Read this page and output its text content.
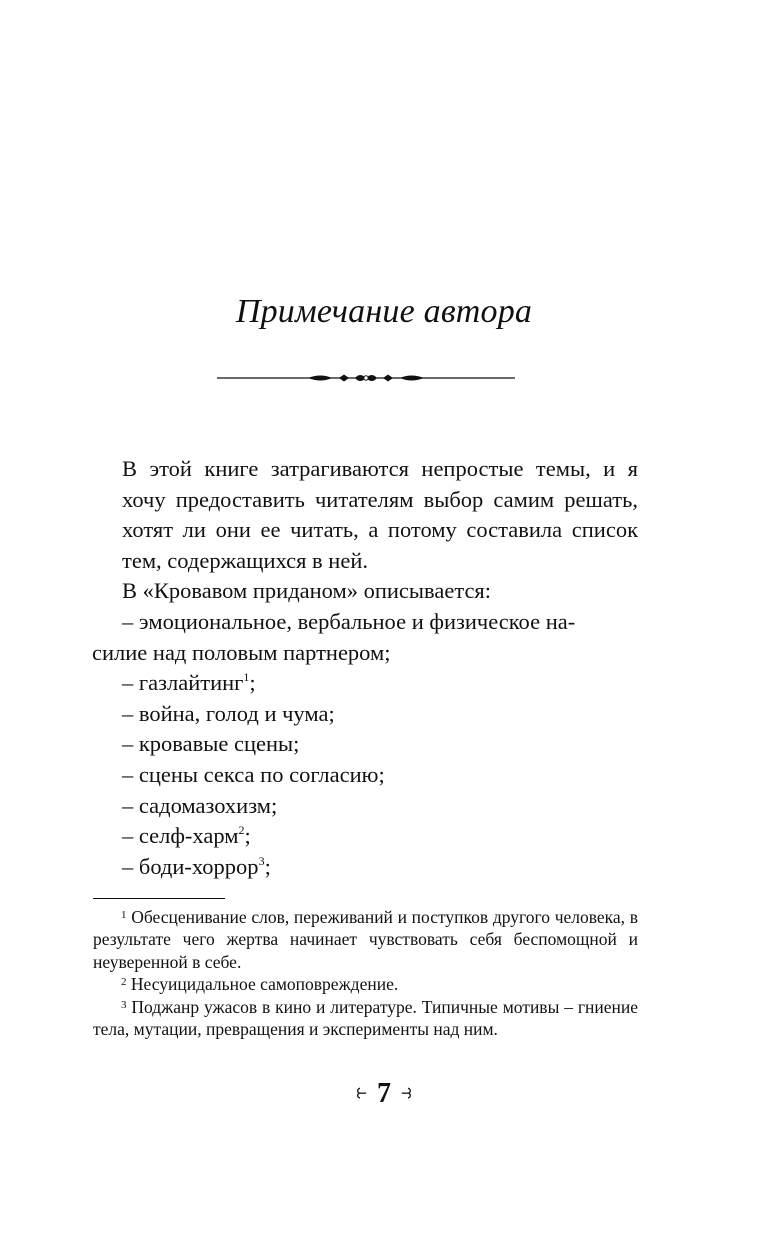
Примечание автора

В этой книге затрагиваются непростые темы, и я хочу предоставить читателям выбор самим решать, хотят ли они ее читать, а потому составила список тем, содержащихся в ней.

В «Кровавом приданом» описывается:

– эмоциональное, вербальное и физическое на-
силие над половым партнером;

– газлайтинг$^1$;

– война, голод и чума;

– кровавые сцены;

– сцены секса по согласию;

– садомазохизм;

– селф-харм$^2$;

– боди-хоррор$^3$;

$^1$ Обесценивание слов, переживаний и поступков другого человека, в результате чего жертва начинает чувствовать себя беспомощной и неуверенной в себе.

$^2$ Несуицидальное самоповреждение.

$^3$ Поджанр ужасов в кино и литературе. Типичные мотивы – гниение тела, мутации, превращения и эксперименты над ним.

⥼ 7 ⥽
